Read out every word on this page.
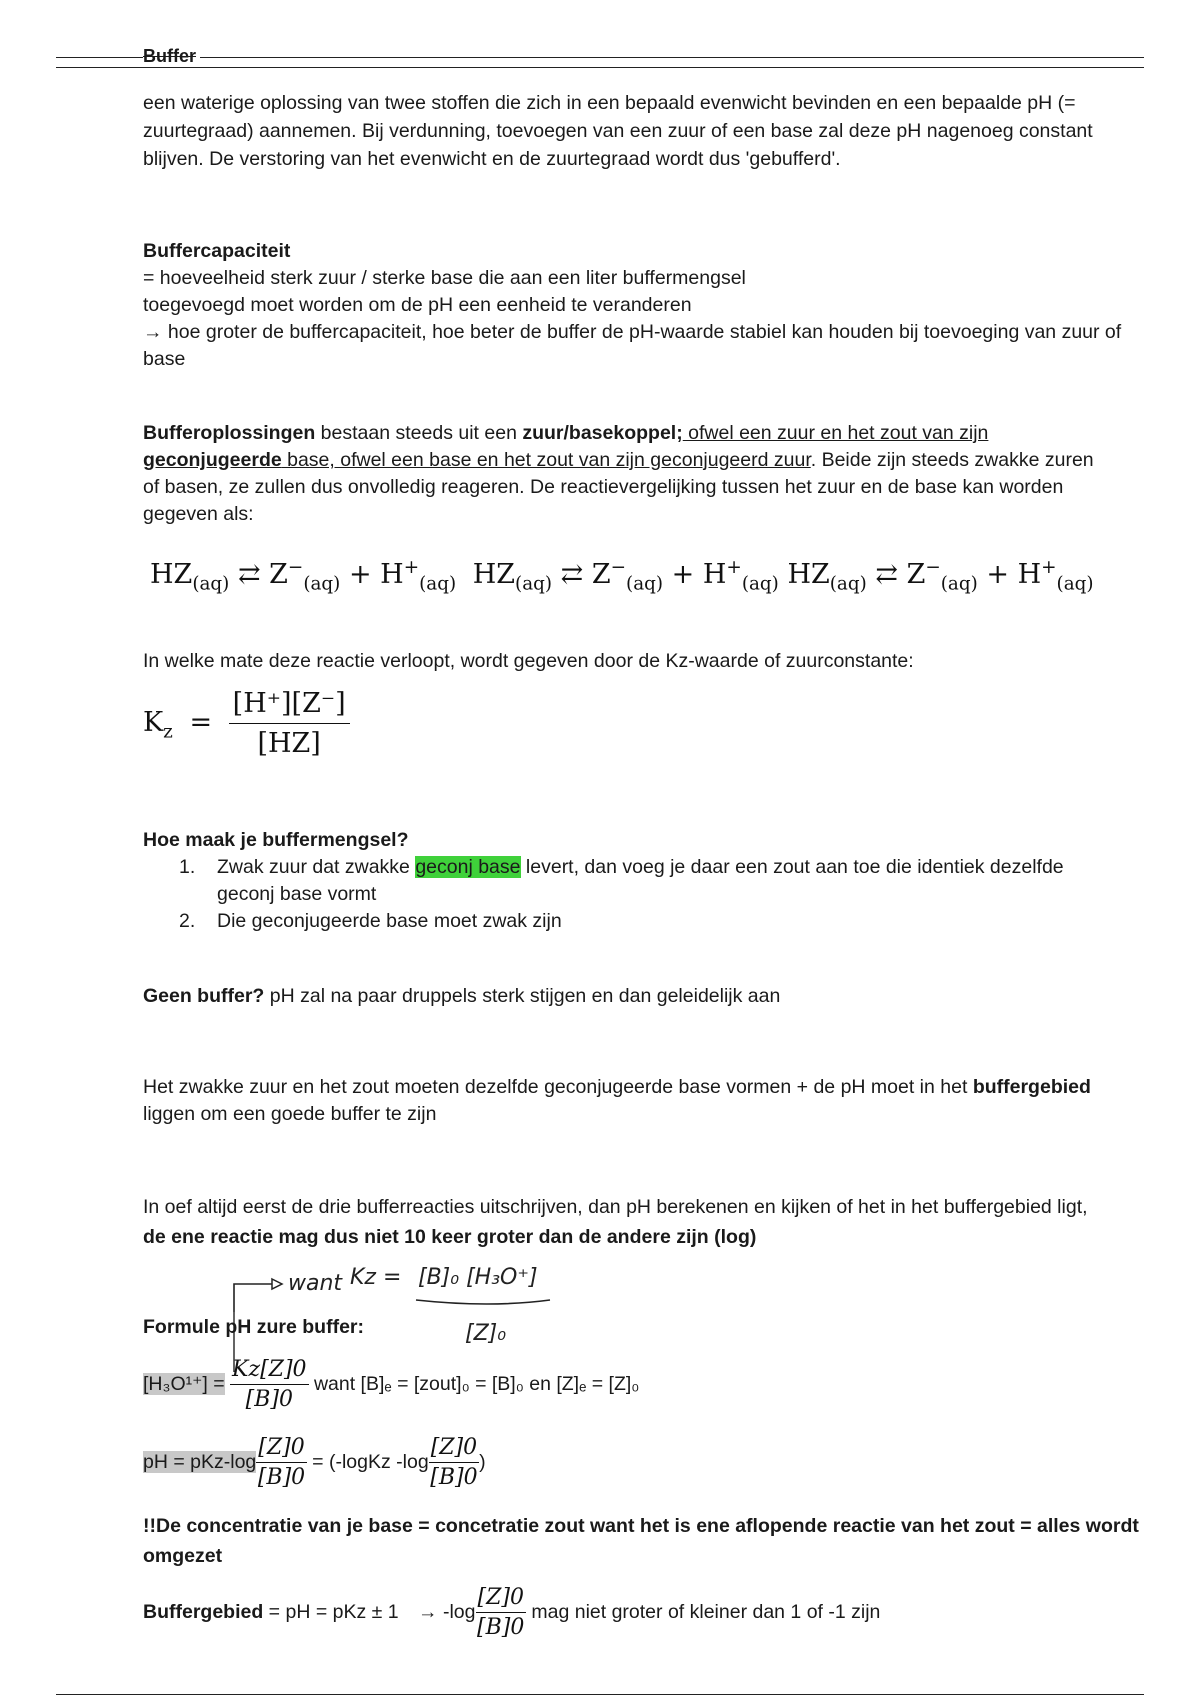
Buffer
een waterige oplossing van twee stoffen die zich in een bepaald evenwicht bevinden en een bepaalde pH (= zuurtegraad) aannemen. Bij verdunning, toevoegen van een zuur of een base zal deze pH nagenoeg constant blijven. De verstoring van het evenwicht en de zuurtegraad wordt dus 'gebufferd'.
Buffercapaciteit
= hoeveelheid sterk zuur / sterke base die aan een liter buffermengsel
toegevoegd moet worden om de pH een eenheid te veranderen
→ hoe groter de buffercapaciteit, hoe beter de buffer de pH-waarde stabiel kan houden bij toevoeging van zuur of base
Bufferoplossingen bestaan steeds uit een zuur/basekoppel; ofwel een zuur en het zout van zijn geconjugeerde base, ofwel een base en het zout van zijn geconjugeerd zuur. Beide zijn steeds zwakke zuren of basen, ze zullen dus onvolledig reageren. De reactievergelijking tussen het zuur en de base kan worden gegeven als:
$HZ_{(aq)}$ ⇄ $Z^-_{(aq)} + H^+_{(aq)}$ $HZ_{(aq)}$ ⇄ $Z^-_{(aq)} + H^+_{(aq)}$ $HZ_{(aq)}$ ⇄ $Z^-_{(aq)} + H^+_{(aq)}$
In welke mate deze reactie verloopt, wordt gegeven door de Kz-waarde of zuurconstante:
$K_z = \frac{[H^+][Z^-]}{[HZ]}$
Hoe maak je buffermengsel?
1. Zwak zuur dat zwakke geconj base levert, dan voeg je daar een zout aan toe die identiek dezelfde geconj base vormt
2. Die geconjugeerde base moet zwak zijn
Geen buffer? pH zal na paar druppels sterk stijgen en dan geleidelijk aan
Het zwakke zuur en het zout moeten dezelfde geconjugeerde base vormen + de pH moet in het buffergebied liggen om een goede buffer te zijn
In oef altijd eerst de drie bufferreacties uitschrijven, dan pH berekenen en kijken of het in het buffergebied ligt,
de ene reactie mag dus niet 10 keer groter dan de andere zijn (log)
want Kz = [B]₀ [H₃O⁺]
[Z]₀
Formule pH zure buffer:
$[H_3O^{1+}] = \frac{Kz[Z]0}{[B]0}$ want [B]ₑ = [zout]₀ = [B]₀ en [Z]ₑ = [Z]₀
pH = $pKz-\log \frac{[Z]0}{[B]0}$ = (-logKz $-\log \frac{[Z]0}{[B]0}$ )
!!De concentratie van je base = concetratie zout want het is ene aflopende reactie van het zout = alles wordt omgezet
Buffergebied = pH = pKz ± $1 \to -\log \frac{[Z]0}{[B]0}$ mag niet groter of kleiner dan 1 of -1 zijn
